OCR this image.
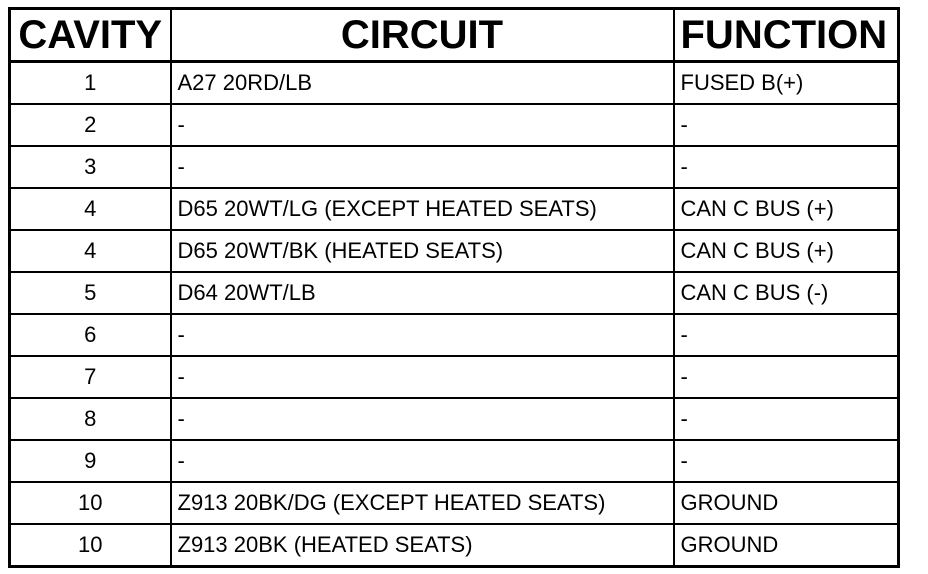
CAVITY	CIRCUIT	FUNCTION
1	A27 20RD/LB	FUSED B(+)
2	-	-
3	-	-
4	D65 20WT/LG (EXCEPT HEATED SEATS)	CAN C BUS (+)
4	D65 20WT/BK (HEATED SEATS)	CAN C BUS (+)
5	D64 20WT/LB	CAN C BUS (-)
6	-	-
7	-	-
8	-	-
9	-	-
10	Z913 20BK/DG (EXCEPT HEATED SEATS)	GROUND
10	Z913 20BK (HEATED SEATS)	GROUND
